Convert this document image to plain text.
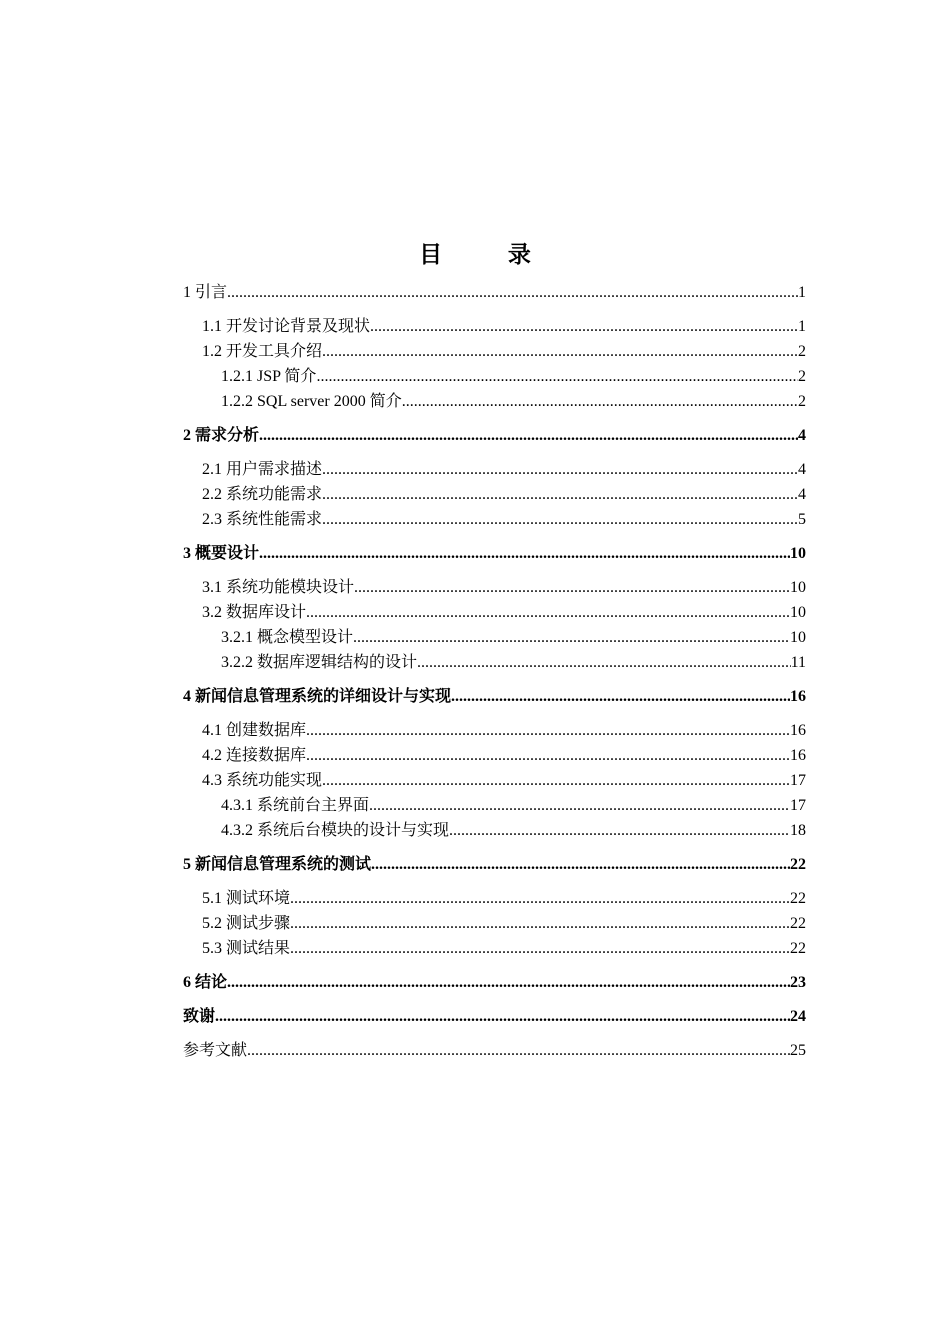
目 录
1 引言 .....	1
1.1 开发讨论背景及现状 .....	1
1.2 开发工具介绍 .....	2
1.2.1 JSP 简介 .....	2
1.2.2 SQL server 2000 简介 .....	2
2 需求分析 .....	4
2.1 用户需求描述 .....	4
2.2 系统功能需求 .....	4
2.3 系统性能需求 .....	5
3 概要设计 .....	10
3.1 系统功能模块设计 .....	10
3.2 数据库设计 .....	10
3.2.1 概念模型设计 .....	10
3.2.2 数据库逻辑结构的设计 .....	11
4 新闻信息管理系统的详细设计与实现 .....	16
4.1 创建数据库 .....	16
4.2 连接数据库 .....	16
4.3 系统功能实现 .....	17
4.3.1 系统前台主界面 .....	17
4.3.2 系统后台模块的设计与实现 .....	18
5 新闻信息管理系统的测试 .....	22
5.1 测试环境 .....	22
5.2 测试步骤 .....	22
5.3 测试结果 .....	22
6 结论 .....	23
致谢 .....	24
参考文献 .....	25
